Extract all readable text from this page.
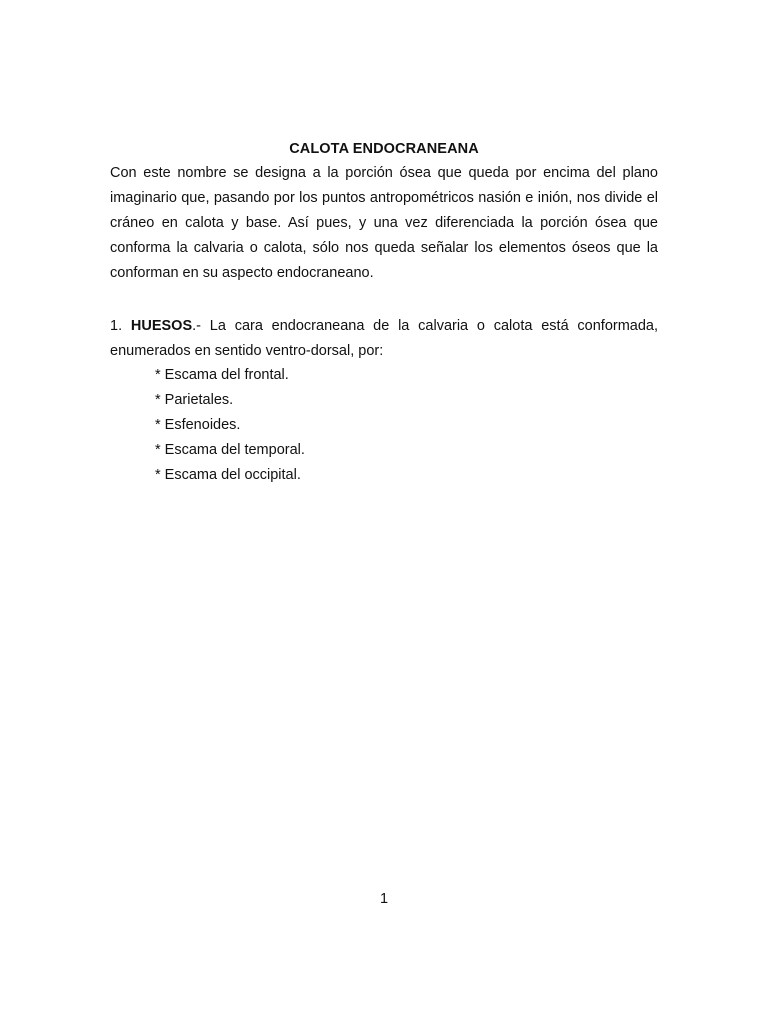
CALOTA ENDOCRANEANA

Con este nombre se designa a la porción ósea que queda por encima del plano imaginario que, pasando por los puntos antropométricos nasión e inión, nos divide el cráneo en calota y base. Así pues, y una vez diferenciada la porción ósea que conforma la calvaria o calota, sólo nos queda señalar los elementos óseos que la conforman en su aspecto endocraneano.

1. HUESOS.- La cara endocraneana de la calvaria o calota está conformada, enumerados en sentido ventro-dorsal, por:

* Escama del frontal.
* Parietales.
* Esfenoides.
* Escama del temporal.
* Escama del occipital.
1
